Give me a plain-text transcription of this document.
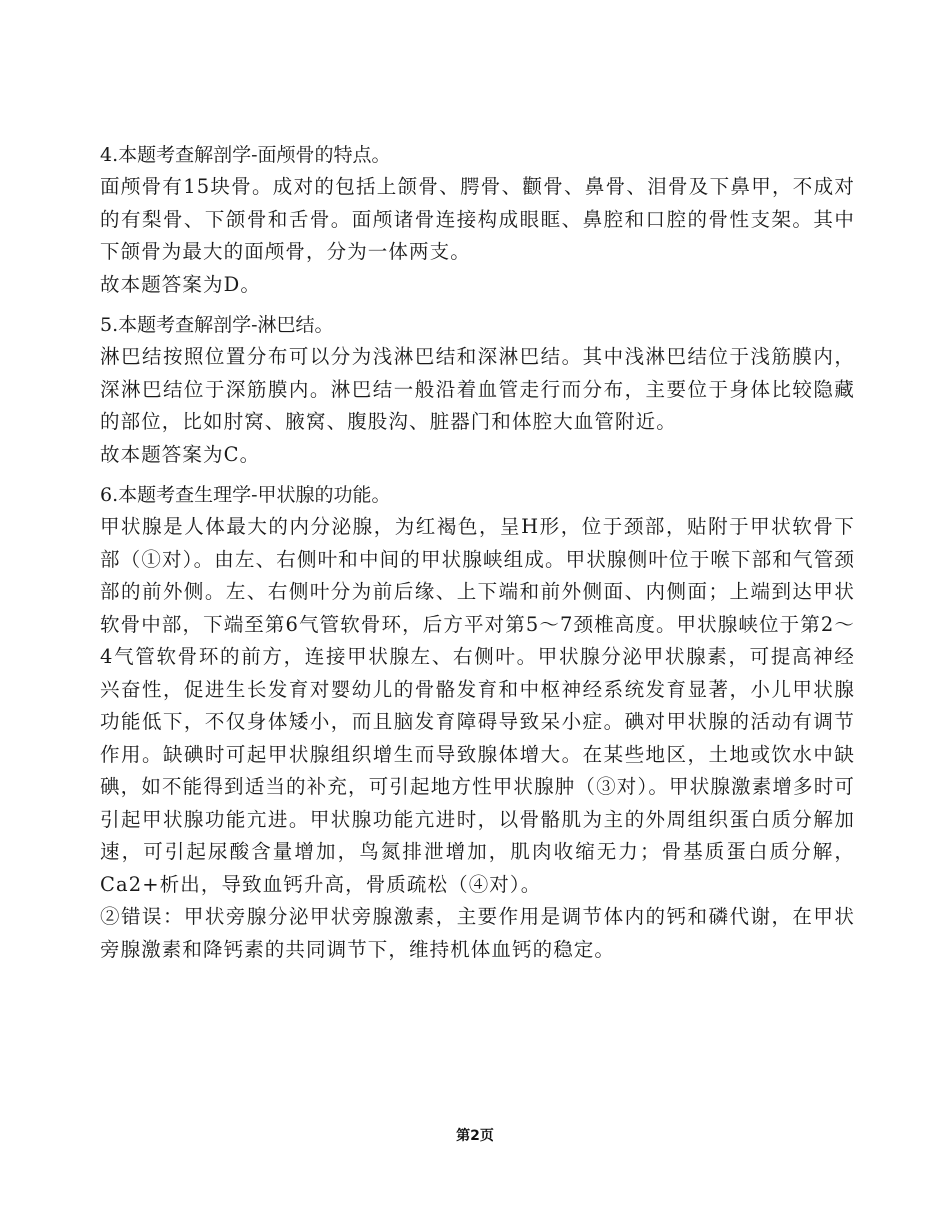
4.本题考查解剖学-面颅骨的特点。

面颅骨有15块骨。成对的包括上颌骨、腭骨、颧骨、鼻骨、泪骨及下鼻甲，不成对的有梨骨、下颌骨和舌骨。面颅诸骨连接构成眼眶、鼻腔和口腔的骨性支架。其中下颌骨为最大的面颅骨，分为一体两支。

故本题答案为D。

5.本题考查解剖学-淋巴结。

淋巴结按照位置分布可以分为浅淋巴结和深淋巴结。其中浅淋巴结位于浅筋膜内，深淋巴结位于深筋膜内。淋巴结一般沿着血管走行而分布，主要位于身体比较隐藏的部位，比如肘窝、腋窝、腹股沟、脏器门和体腔大血管附近。

故本题答案为C。

6.本题考查生理学-甲状腺的功能。

甲状腺是人体最大的内分泌腺，为红褐色，呈H形，位于颈部，贴附于甲状软骨下部（①对）。由左、右侧叶和中间的甲状腺峡组成。甲状腺侧叶位于喉下部和气管颈部的前外侧。左、右侧叶分为前后缘、上下端和前外侧面、内侧面；上端到达甲状软骨中部，下端至第6气管软骨环，后方平对第5～7颈椎高度。甲状腺峡位于第2～4气管软骨环的前方，连接甲状腺左、右侧叶。甲状腺分泌甲状腺素，可提高神经兴奋性，促进生长发育对婴幼儿的骨骼发育和中枢神经系统发育显著，小儿甲状腺功能低下，不仅身体矮小，而且脑发育障碍导致呆小症。碘对甲状腺的活动有调节作用。缺碘时可起甲状腺组织增生而导致腺体增大。在某些地区，土地或饮水中缺碘，如不能得到适当的补充，可引起地方性甲状腺肿（③对）。甲状腺激素增多时可引起甲状腺功能亢进。甲状腺功能亢进时，以骨骼肌为主的外周组织蛋白质分解加速，可引起尿酸含量增加，鸟氮排泄增加，肌肉收缩无力；骨基质蛋白质分解，Ca2+析出，导致血钙升高，骨质疏松（④对）。

②错误：甲状旁腺分泌甲状旁腺激素，主要作用是调节体内的钙和磷代谢，在甲状旁腺激素和降钙素的共同调节下，维持机体血钙的稳定。

第2页
